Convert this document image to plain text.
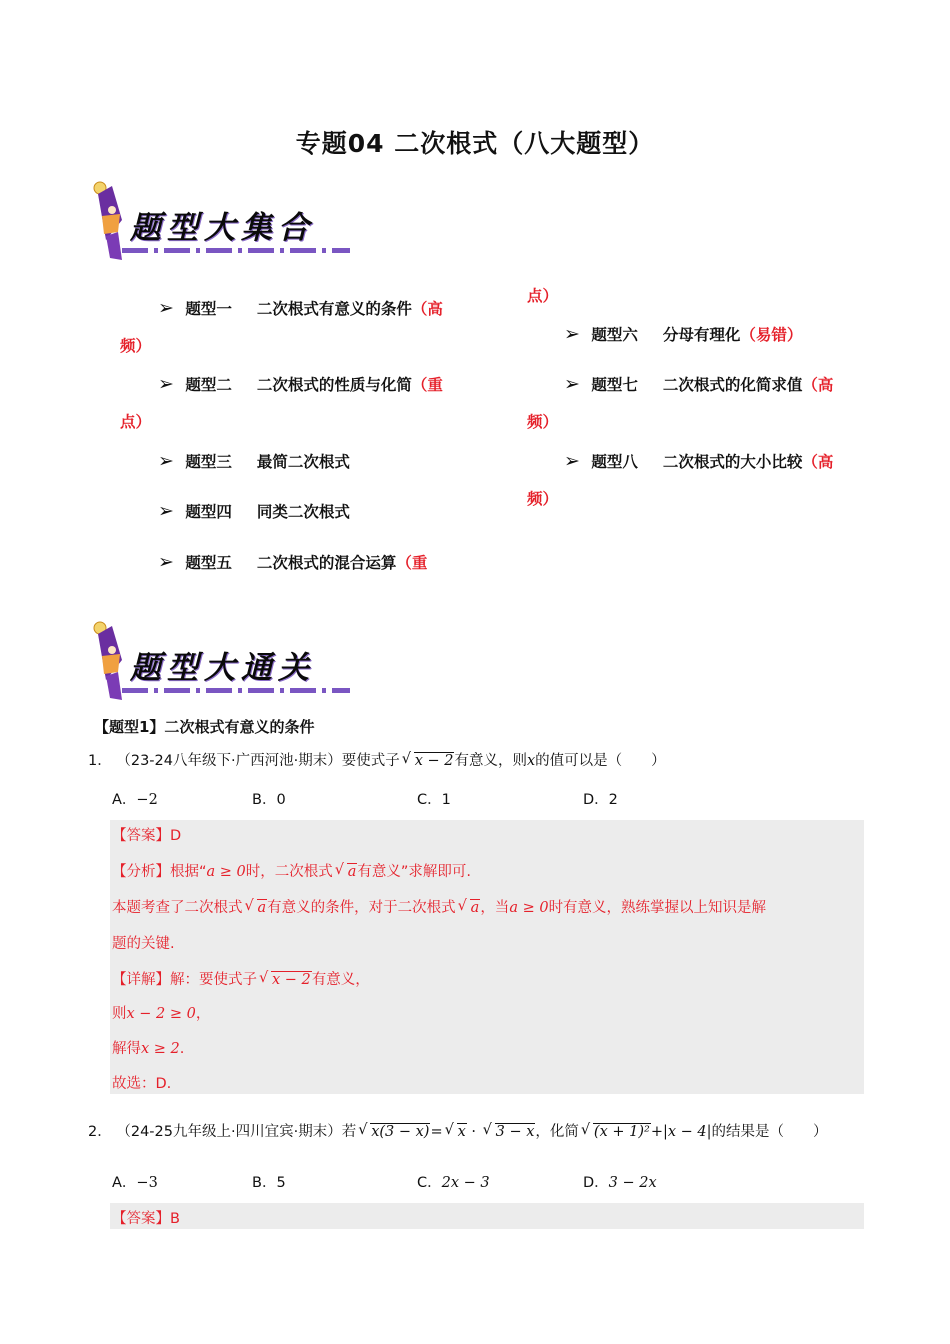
专题04 二次根式（八大题型）
题型大集合
➢ 题型一 二次根式有意义的条件（高
频）
➢ 题型二 二次根式的性质与化简（重
点）
➢ 题型三 最简二次根式
➢ 题型四 同类二次根式
➢ 题型五 二次根式的混合运算（重
点）
➢ 题型六 分母有理化（易错）
➢ 题型七 二次根式的化简求值（高
频）
➢ 题型八 二次根式的大小比较（高
频）
题型大通关
【题型1】二次根式有意义的条件
1． （23-24八年级下·广西河池·期末）要使式子 √ x − 2有意义，则x的值可以是（　　）
A．−2	B．0	C．1	D．2
【答案】D
【分析】根据“a ≥ 0时，二次根式 √ a有意义”求解即可.
本题考查了二次根式 √ a有意义的条件，对于二次根式 √ a，当a ≥ 0时有意义，熟练掌握以上知识是解
题的关键.
【详解】解：要使式子 √ x − 2有意义，
则x − 2 ≥ 0，
解得x ≥ 2.
故选：D.
2． （24-25九年级上·四川宜宾·期末）若 √ x(3 − x)= √ x · √ 3 − x，化简 √ (x + 1)²+|x − 4|的结果是（　　）
A．−3	B．5	C．2x − 3	D．3 − 2x
【答案】B
